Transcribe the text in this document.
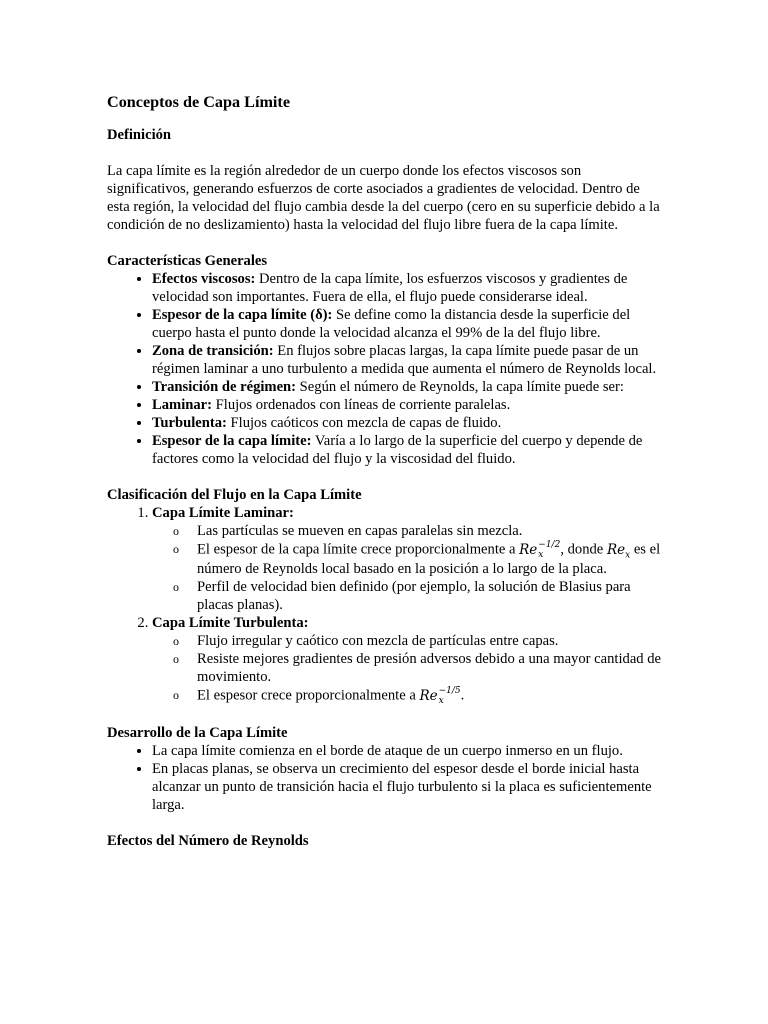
Conceptos de Capa Límite
Definición

La capa límite es la región alrededor de un cuerpo donde los efectos viscosos son significativos, generando esfuerzos de corte asociados a gradientes de velocidad. Dentro de esta región, la velocidad del flujo cambia desde la del cuerpo (cero en su superficie debido a la condición de no deslizamiento) hasta la velocidad del flujo libre fuera de la capa límite.

Características Generales
• Efectos viscosos: Dentro de la capa límite, los esfuerzos viscosos y gradientes de velocidad son importantes. Fuera de ella, el flujo puede considerarse ideal.
• Espesor de la capa límite (δ): Se define como la distancia desde la superficie del cuerpo hasta el punto donde la velocidad alcanza el 99% de la del flujo libre.
• Zona de transición: En flujos sobre placas largas, la capa límite puede pasar de un régimen laminar a uno turbulento a medida que aumenta el número de Reynolds local.
• Transición de régimen: Según el número de Reynolds, la capa límite puede ser:
• Laminar: Flujos ordenados con líneas de corriente paralelas.
• Turbulenta: Flujos caóticos con mezcla de capas de fluido.
• Espesor de la capa límite: Varía a lo largo de la superficie del cuerpo y depende de factores como la velocidad del flujo y la viscosidad del fluido.
Clasificación del Flujo en la Capa Límite
1. Capa Límite Laminar:
o Las partículas se mueven en capas paralelas sin mezcla.
o El espesor de la capa límite crece proporcionalmente a Re −1/2
x	, donde $Re_x$ es el número de Reynolds local basado en la posición a lo largo de la placa.
o Perfil de velocidad bien definido (por ejemplo, la solución de Blasius para placas planas).
2. Capa Límite Turbulenta:
o Flujo irregular y caótico con mezcla de partículas entre capas.
o Resiste mejores gradientes de presión adversos debido a una mayor cantidad de movimiento.
o El espesor crece proporcionalmente a Re −1/5
x	.
Desarrollo de la Capa Límite
• La capa límite comienza en el borde de ataque de un cuerpo inmerso en un flujo.
• En placas planas, se observa un crecimiento del espesor desde el borde inicial hasta alcanzar un punto de transición hacia el flujo turbulento si la placa es suficientemente larga.
Efectos del Número de Reynolds
